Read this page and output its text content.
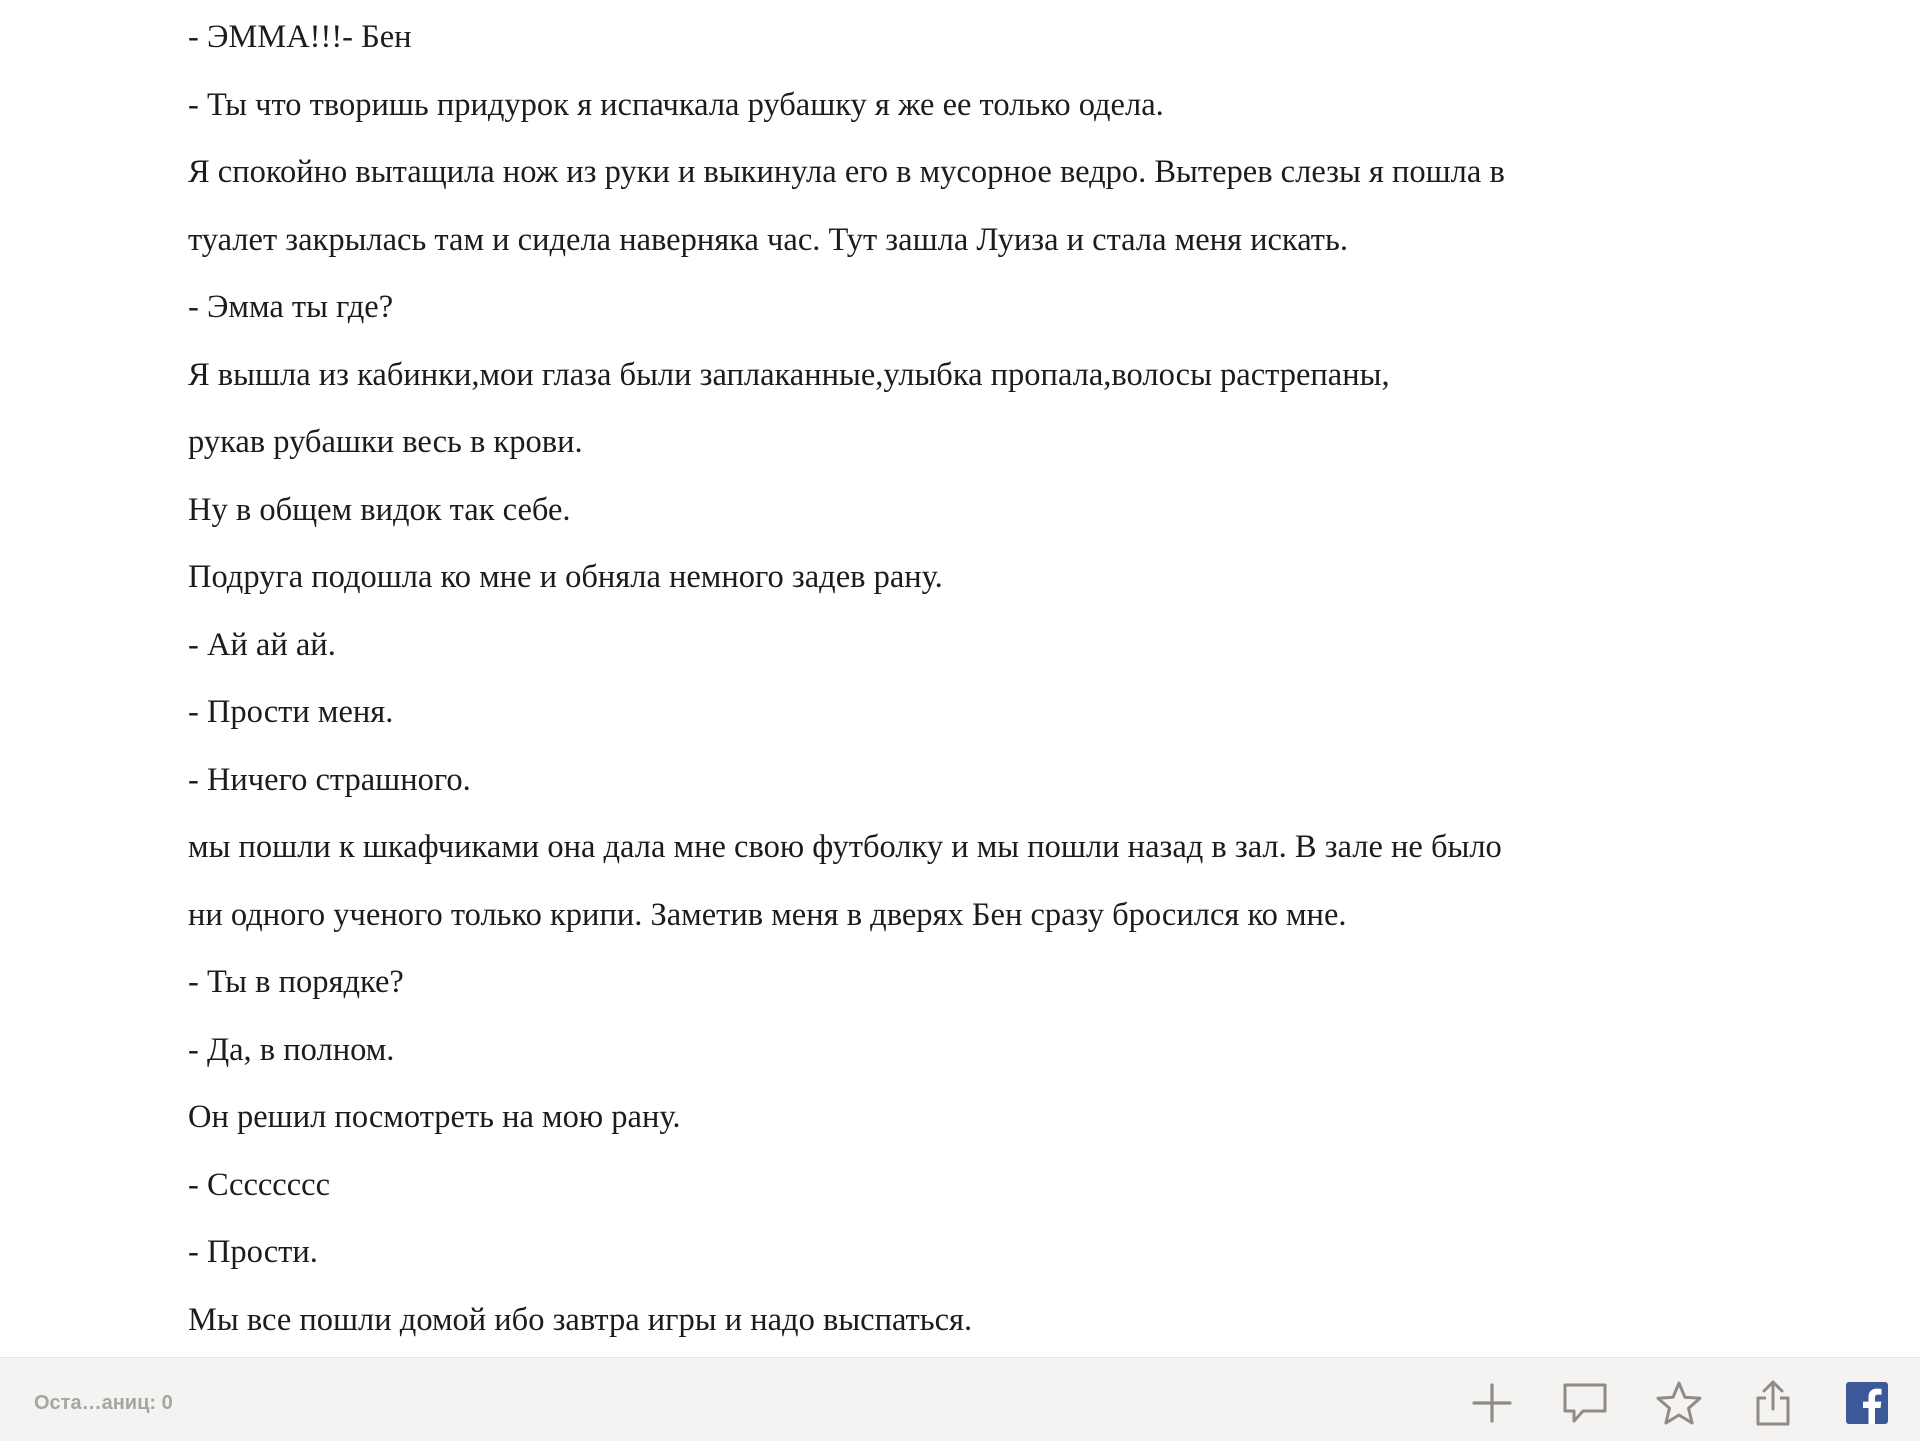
- ЭММА!!!- Бен
- Ты что творишь придурок я испачкала рубашку я же ее только одела.
Я спокойно вытащила нож из руки и выкинула его в мусорное ведро. Вытерев слезы я пошла в
туалет закрылась там и сидела наверняка час. Тут зашла Луиза и стала меня искать.
- Эмма ты где?
Я вышла из кабинки,мои глаза были заплаканные,улыбка пропала,волосы растрепаны,
рукав рубашки весь в крови.
Ну в общем видок так себе.
Подруга подошла ко мне и обняла немного задев рану.
- Ай ай ай.
- Прости меня.
- Ничего страшного.
мы пошли к шкафчиками она дала мне свою футболку и мы пошли назад в зал. В зале не было
ни одного ученого только крипи. Заметив меня в дверях Бен сразу бросился ко мне.
- Ты в порядке?
- Да, в полном.
Он решил посмотреть на мою рану.
- Сссссссс
- Прости.
Мы все пошли домой ибо завтра игры и надо выспаться.
Оста…аниц: 0
